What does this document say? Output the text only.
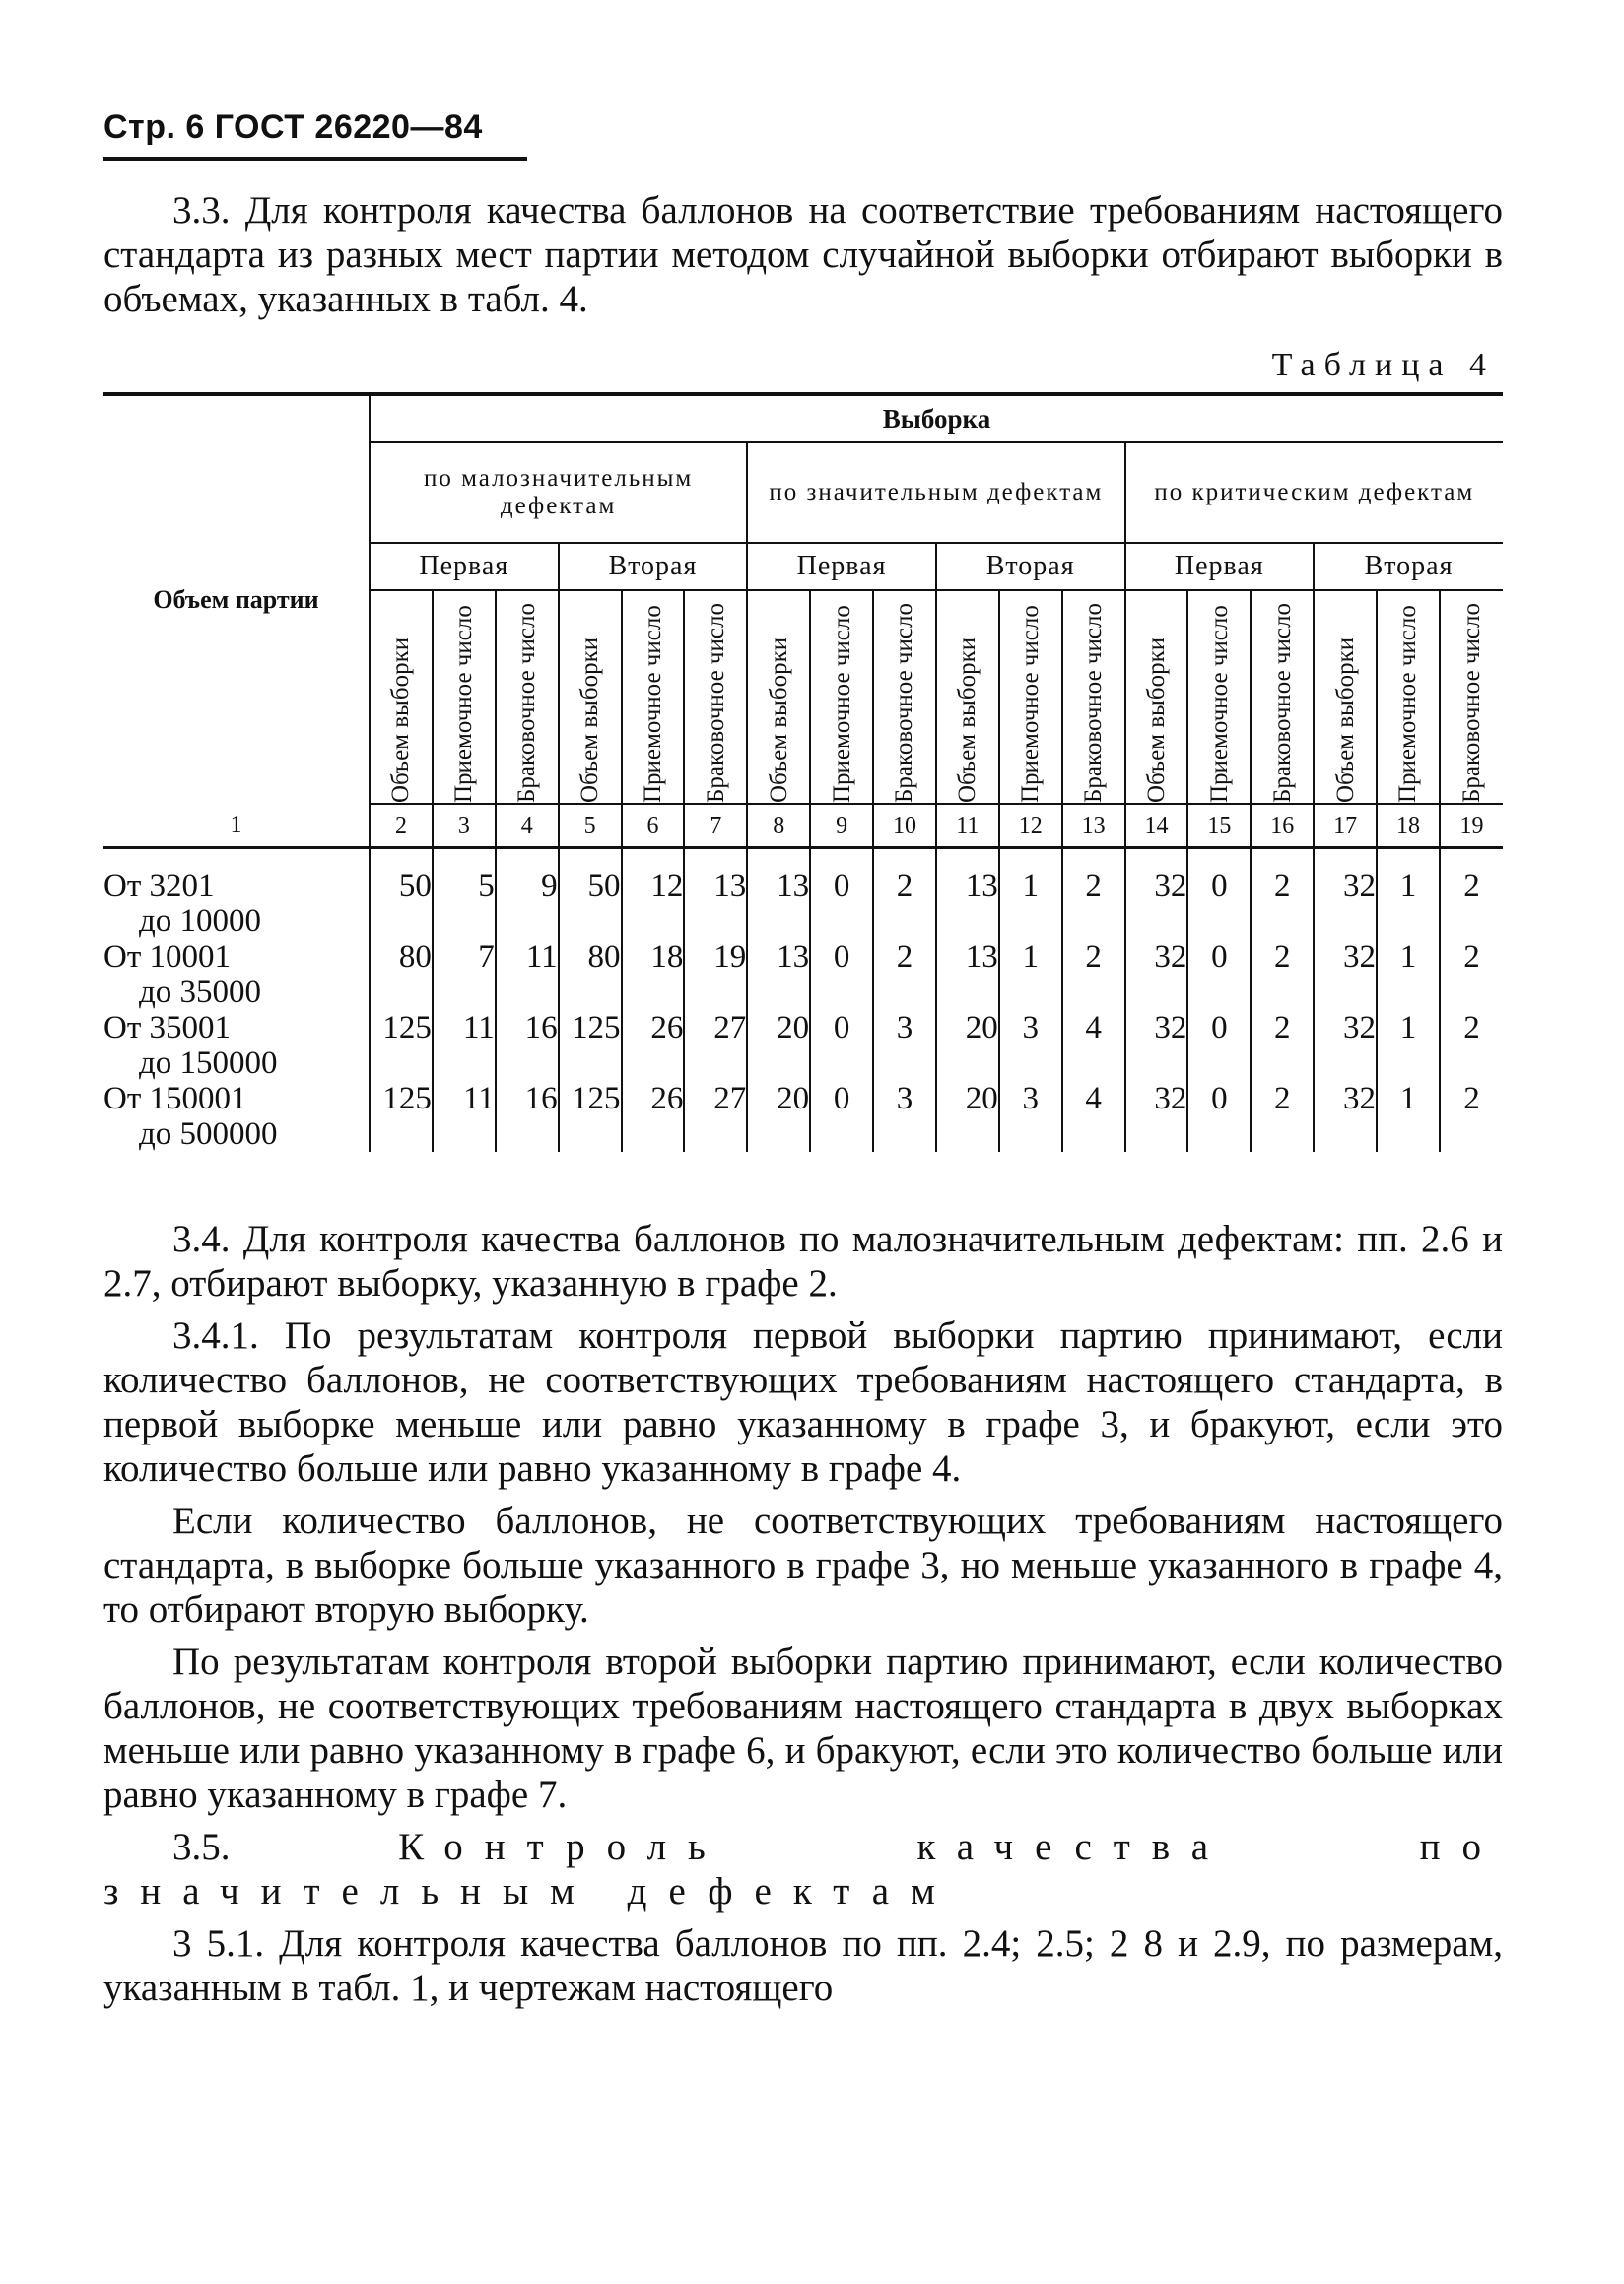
Стр. 6 ГОСТ 26220—84

3.3. Для контроля качества баллонов на соответствие требованиям настоящего стандарта из разных мест партии методом случайной выборки отбирают выборки в объемах, указанных в табл. 4.

Таблица 4
Объем партии	Выборка																	
	по малозначительным дефектам						по значительным дефектам						по критическим дефектам					
	Первая			Вторая			Первая			Вторая			Первая			Вторая		

	Объем выборки	Приемочное число	Браковочное число	Объем выборки	Приемочное число	Браковочное число	Объем выборки	Приемочное число	Браковочное число	Объем выборки	Приемочное число	Браковочное число	Объем выборки	Приемочное число	Браковочное число	Объем выборки	Приемочное число	Браковочное число

1	2	3	4	5	6	7	8	9	10	11	12	13	14	15	16	17	18	19

От 3201
до 10000	50	5	9	50	12	13	13	0	2	13	1	2	32	0	2	32	1	2
От 10001
до 35000	80	7	11	80	18	19	13	0	2	13	1	2	32	0	2	32	1	2
От 35001
до 150000	125	11	16	125	26	27	20	0	3	20	3	4	32	0	2	32	1	2
От 150001
до 500000	125	11	16	125	26	27	20	0	3	20	3	4	32	0	2	32	1	2

3.4. Для контроля качества баллонов по малозначительным дефектам: пп. 2.6 и 2.7, отбирают выборку, указанную в графе 2.

3.4.1. По результатам контроля первой выборки партию принимают, если количество баллонов, не соответствующих требованиям настоящего стандарта, в первой выборке меньше или равно указанному в графе 3, и бракуют, если это количество больше или равно указанному в графе 4.

Если количество баллонов, не соответствующих требованиям настоящего стандарта, в выборке больше указанного в графе 3, но меньше указанного в графе 4, то отбирают вторую выборку.

По результатам контроля второй выборки партию принимают, если количество баллонов, не соответствующих требованиям настоящего стандарта в двух выборках меньше или равно указанному в графе 6, и бракуют, если это количество больше или равно указанному в графе 7.

3.5.	Контроль качества по значительным дефектам

3 5.1. Для контроля качества баллонов по пп. 2.4; 2.5; 2 8 и 2.9, по размерам, указанным в табл. 1, и чертежам настоящего
